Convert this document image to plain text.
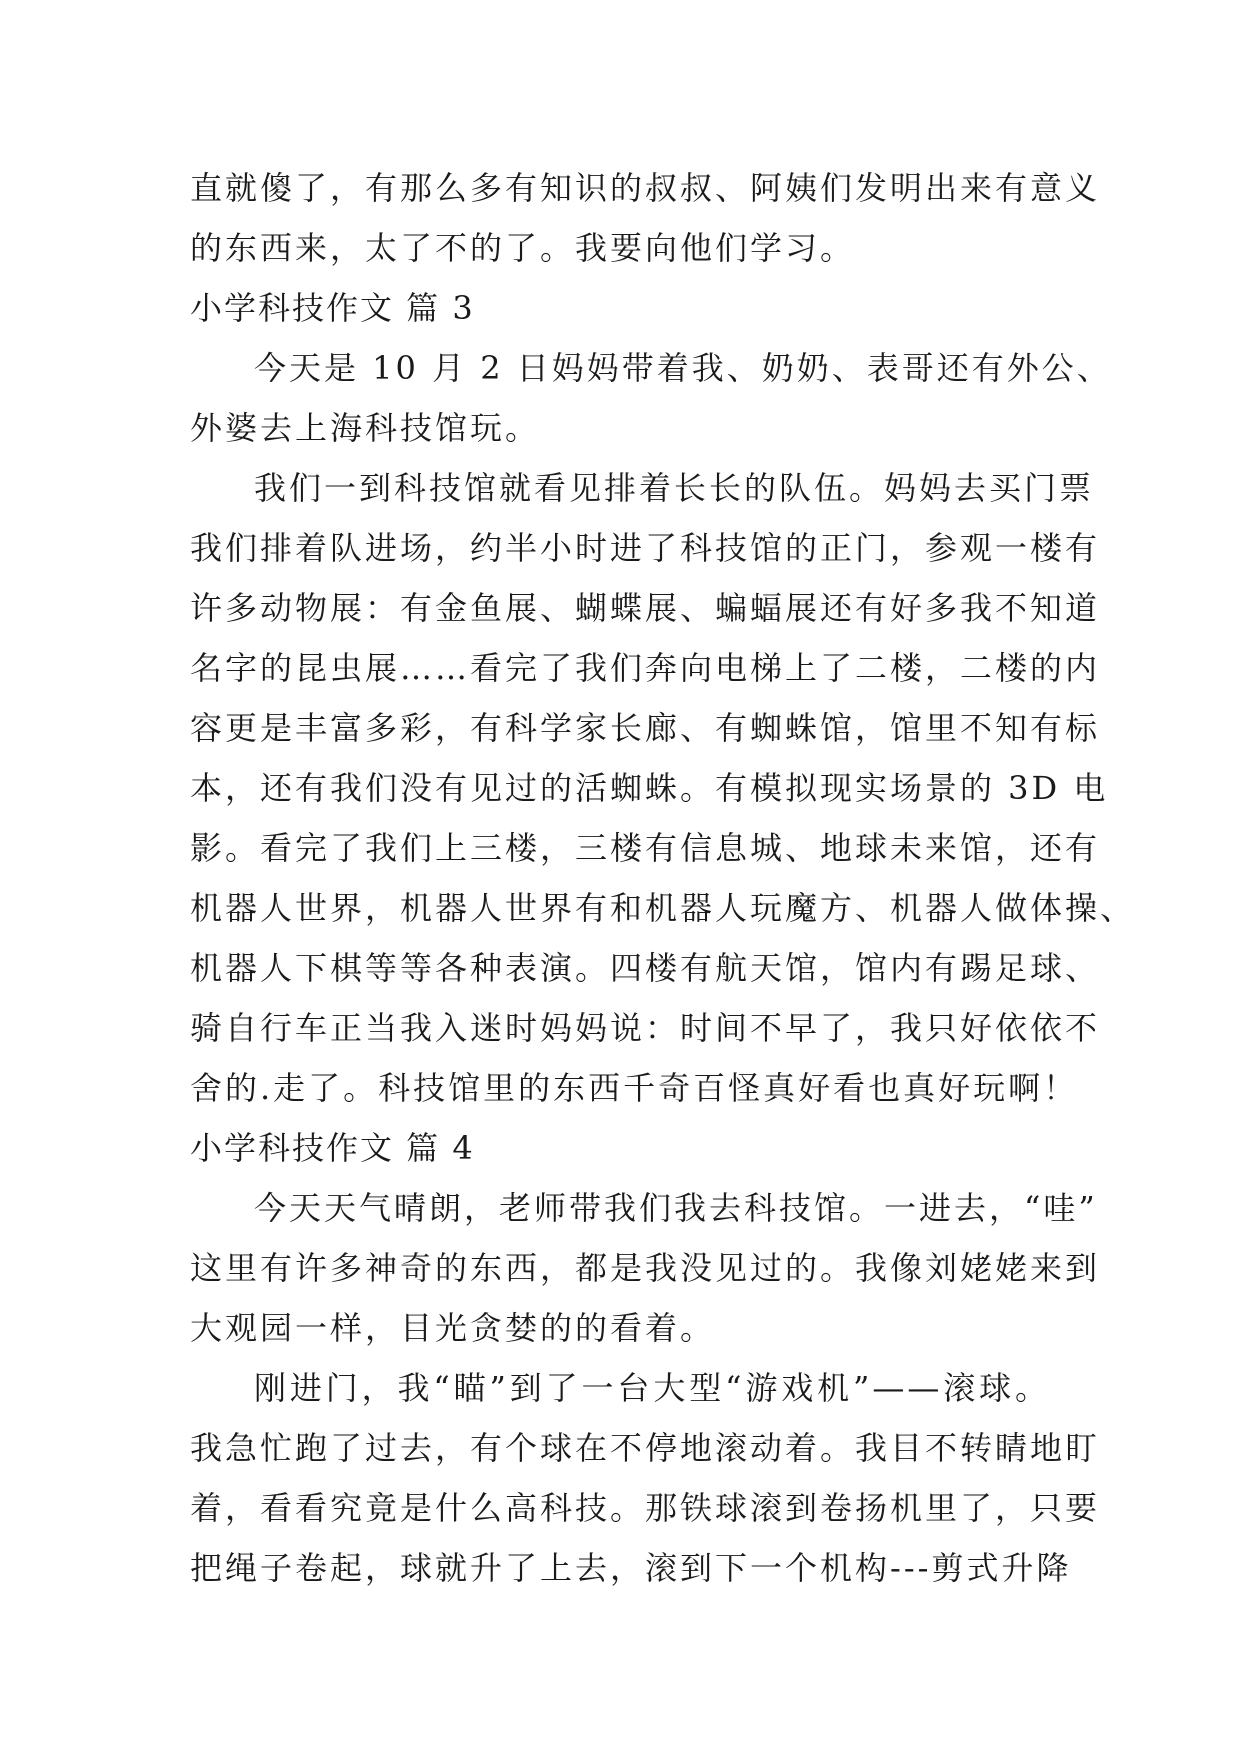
直就傻了，有那么多有知识的叔叔、阿姨们发明出来有意义
的东西来，太了不的了。我要向他们学习。
小学科技作文 篇 3
今天是 10 月 2 日妈妈带着我、奶奶、表哥还有外公、
外婆去上海科技馆玩。
我们一到科技馆就看见排着长长的队伍。妈妈去买门票
我们排着队进场，约半小时进了科技馆的正门，参观一楼有
许多动物展：有金鱼展、蝴蝶展、蝙蝠展还有好多我不知道
名字的昆虫展……看完了我们奔向电梯上了二楼，二楼的内
容更是丰富多彩，有科学家长廊、有蜘蛛馆，馆里不知有标
本，还有我们没有见过的活蜘蛛。有模拟现实场景的 3D 电
影。看完了我们上三楼，三楼有信息城、地球未来馆，还有
机器人世界，机器人世界有和机器人玩魔方、机器人做体操、
机器人下棋等等各种表演。四楼有航天馆，馆内有踢足球、
骑自行车正当我入迷时妈妈说：时间不早了，我只好依依不
舍的.走了。科技馆里的东西千奇百怪真好看也真好玩啊！
小学科技作文 篇 4
今天天气晴朗，老师带我们我去科技馆。一进去，“哇”
这里有许多神奇的东西，都是我没见过的。我像刘姥姥来到
大观园一样，目光贪婪的的看着。
刚进门，我“瞄”到了一台大型“游戏机”——滚球。
我急忙跑了过去，有个球在不停地滚动着。我目不转睛地盯
着，看看究竟是什么高科技。那铁球滚到卷扬机里了，只要
把绳子卷起，球就升了上去，滚到下一个机构---剪式升降
